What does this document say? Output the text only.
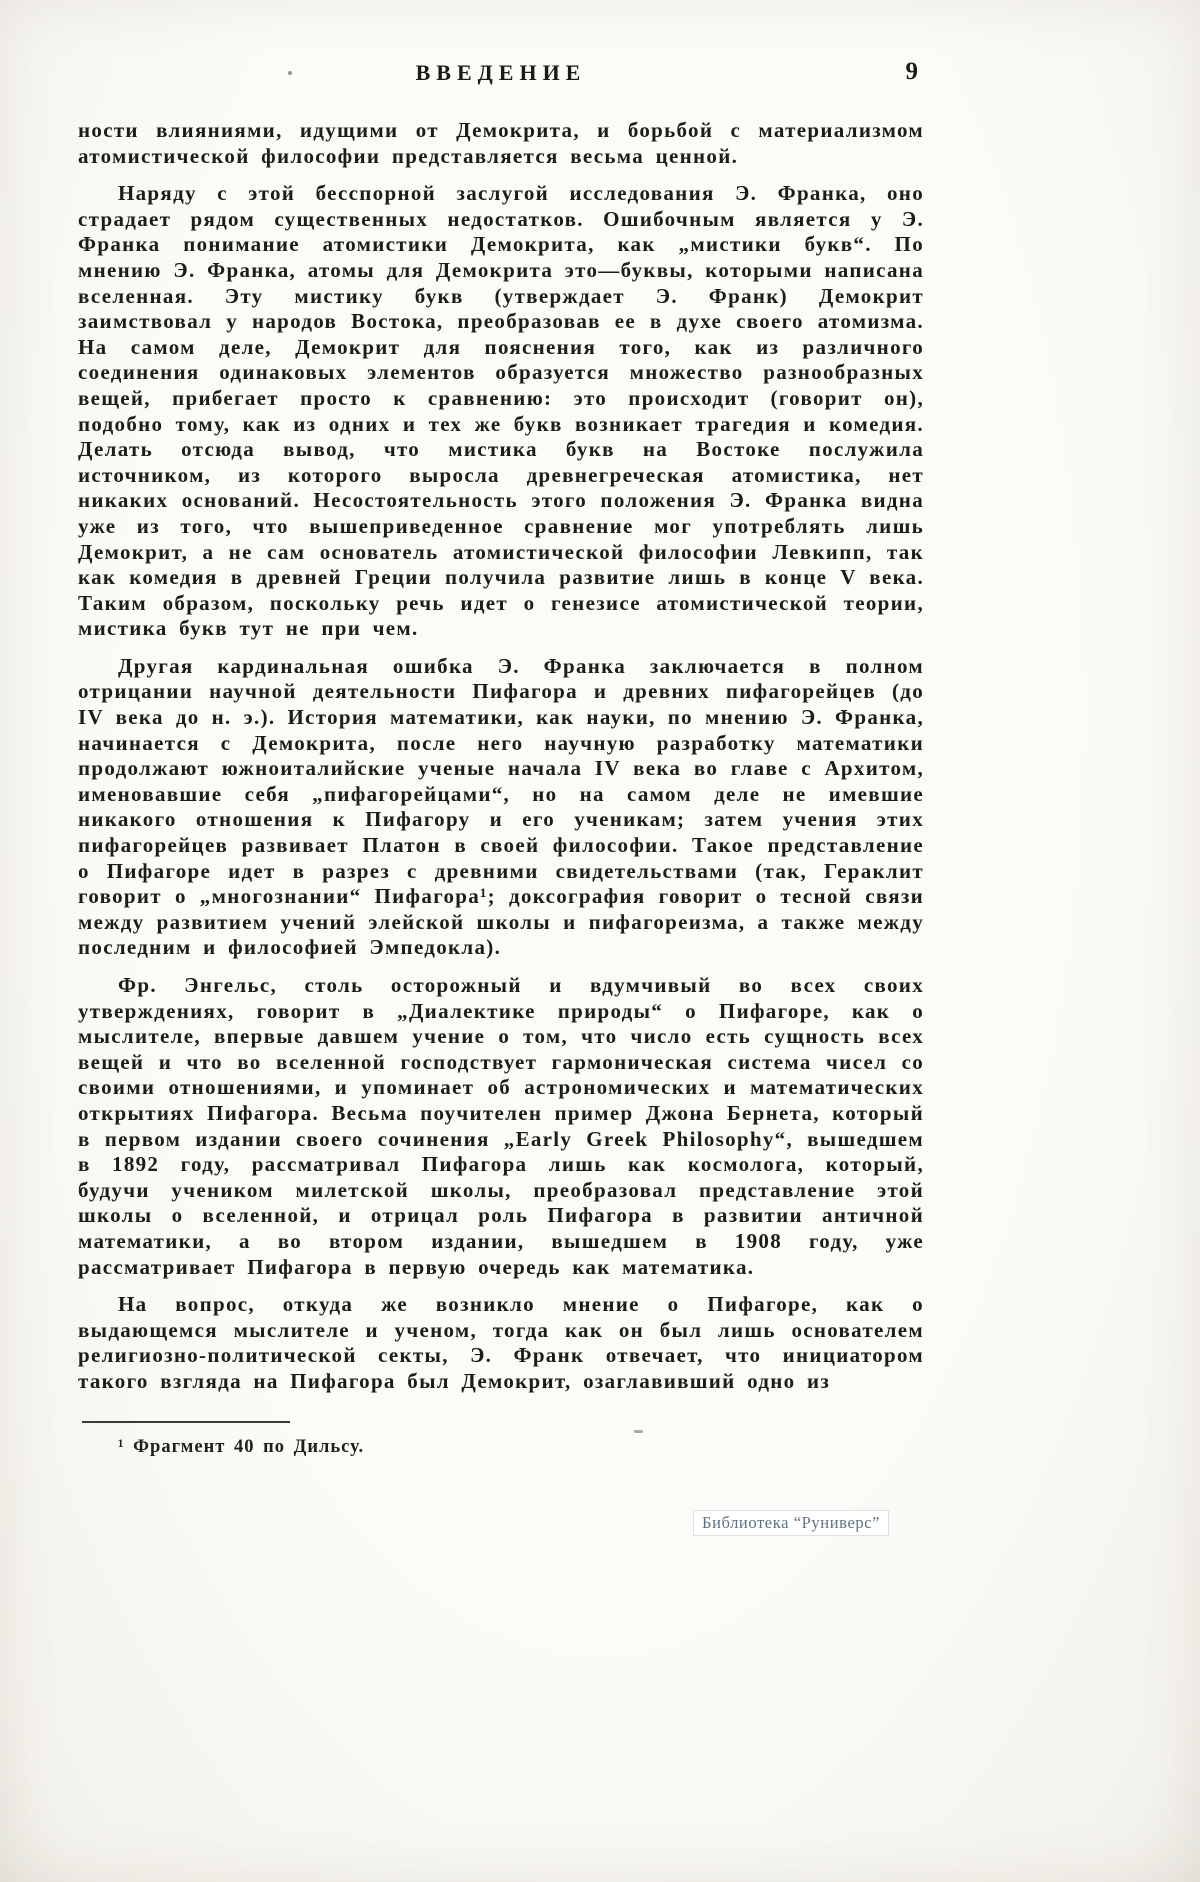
ВВЕДЕНИЕ	9

ности влияниями, идущими от Демокрита, и борьбой с материализмом атомистической философии представляется весьма ценной.

Наряду с этой бесспорной заслугой исследования Э. Франка, оно страдает рядом существенных недостатков. Ошибочным является у Э. Франка понимание атомистики Демокрита, как „мистики букв“. По мнению Э. Франка, атомы для Демокрита это—буквы, которыми написана вселенная. Эту мистику букв (утверждает Э. Франк) Демокрит заимствовал у народов Востока, преобразовав ее в духе своего атомизма. На самом деле, Демокрит для пояснения того, как из различного соединения одинаковых элементов образуется множество разнообразных вещей, прибегает просто к сравнению: это происходит (говорит он), подобно тому, как из одних и тех же букв возникает трагедия и комедия. Делать отсюда вывод, что мистика букв на Востоке послужила источником, из которого выросла древнегреческая атомистика, нет никаких оснований. Несостоятельность этого положения Э. Франка видна уже из того, что вышеприведенное сравнение мог употреблять лишь Демокрит, а не сам основатель атомистической философии Левкипп, так как комедия в древней Греции получила развитие лишь в конце V века. Таким образом, поскольку речь идет о генезисе атомистической теории, мистика букв тут не при чем.

Другая кардинальная ошибка Э. Франка заключается в полном отрицании научной деятельности Пифагора и древних пифагорейцев (до IV века до н. э.). История математики, как науки, по мнению Э. Франка, начинается с Демокрита, после него научную разработку математики продолжают южноиталийские ученые начала IV века во главе с Архитом, именовавшие себя „пифагорейцами“, но на самом деле не имевшие никакого отношения к Пифагору и его ученикам; затем учения этих пифагорейцев развивает Платон в своей философии. Такое представление о Пифагоре идет в разрез с древними свидетельствами (так, Гераклит говорит о „многознании“ Пифагора¹; доксография говорит о тесной связи между развитием учений элейской школы и пифагореизма, а также между последним и философией Эмпедокла).

Фр. Энгельс, столь осторожный и вдумчивый во всех своих утверждениях, говорит в „Диалектике природы“ о Пифагоре, как о мыслителе, впервые давшем учение о том, что число есть сущность всех вещей и что во вселенной господствует гармоническая система чисел со своими отношениями, и упоминает об астрономических и математических открытиях Пифагора. Весьма поучителен пример Джона Бернета, который в первом издании своего сочинения „Early Greek Philosophy“, вышедшем в 1892 году, рассматривал Пифагора лишь как космолога, который, будучи учеником милетской школы, преобразовал представление этой школы о вселенной, и отрицал роль Пифагора в развитии античной математики, а во втором издании, вышедшем в 1908 году, уже рассматривает Пифагора в первую очередь как математика.

На вопрос, откуда же возникло мнение о Пифагоре, как о выдающемся мыслителе и ученом, тогда как он был лишь основателем религиозно-политической секты, Э. Франк отвечает, что инициатором такого взгляда на Пифагора был Демокрит, озаглавивший одно из

¹ Фрагмент 40 по Дильсу.

Библиотека “Руниверс”
